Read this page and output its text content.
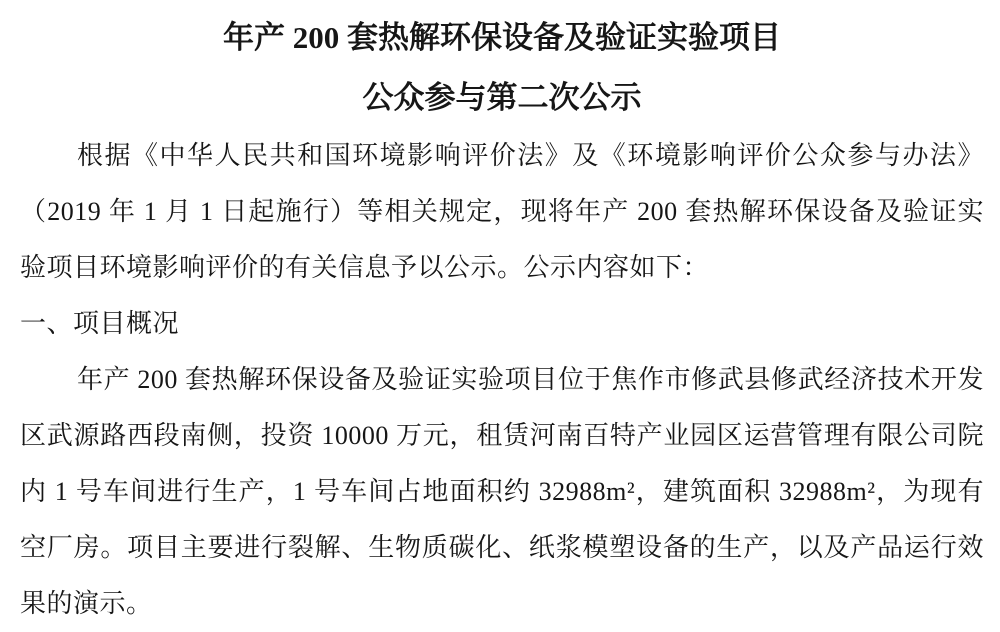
年产 200 套热解环保设备及验证实验项目
公众参与第二次公示

根据《中华人民共和国环境影响评价法》及《环境影响评价公众参与办法》（2019 年 1 月 1 日起施行）等相关规定，现将年产 200 套热解环保设备及验证实验项目环境影响评价的有关信息予以公示。公示内容如下：

一、项目概况

年产 200 套热解环保设备及验证实验项目位于焦作市修武县修武经济技术开发区武源路西段南侧，投资 10000 万元，租赁河南百特产业园区运营管理有限公司院内 1 号车间进行生产，1 号车间占地面积约 32988m²，建筑面积 32988m²，为现有空厂房。项目主要进行裂解、生物质碳化、纸浆模塑设备的生产，以及产品运行效果的演示。
